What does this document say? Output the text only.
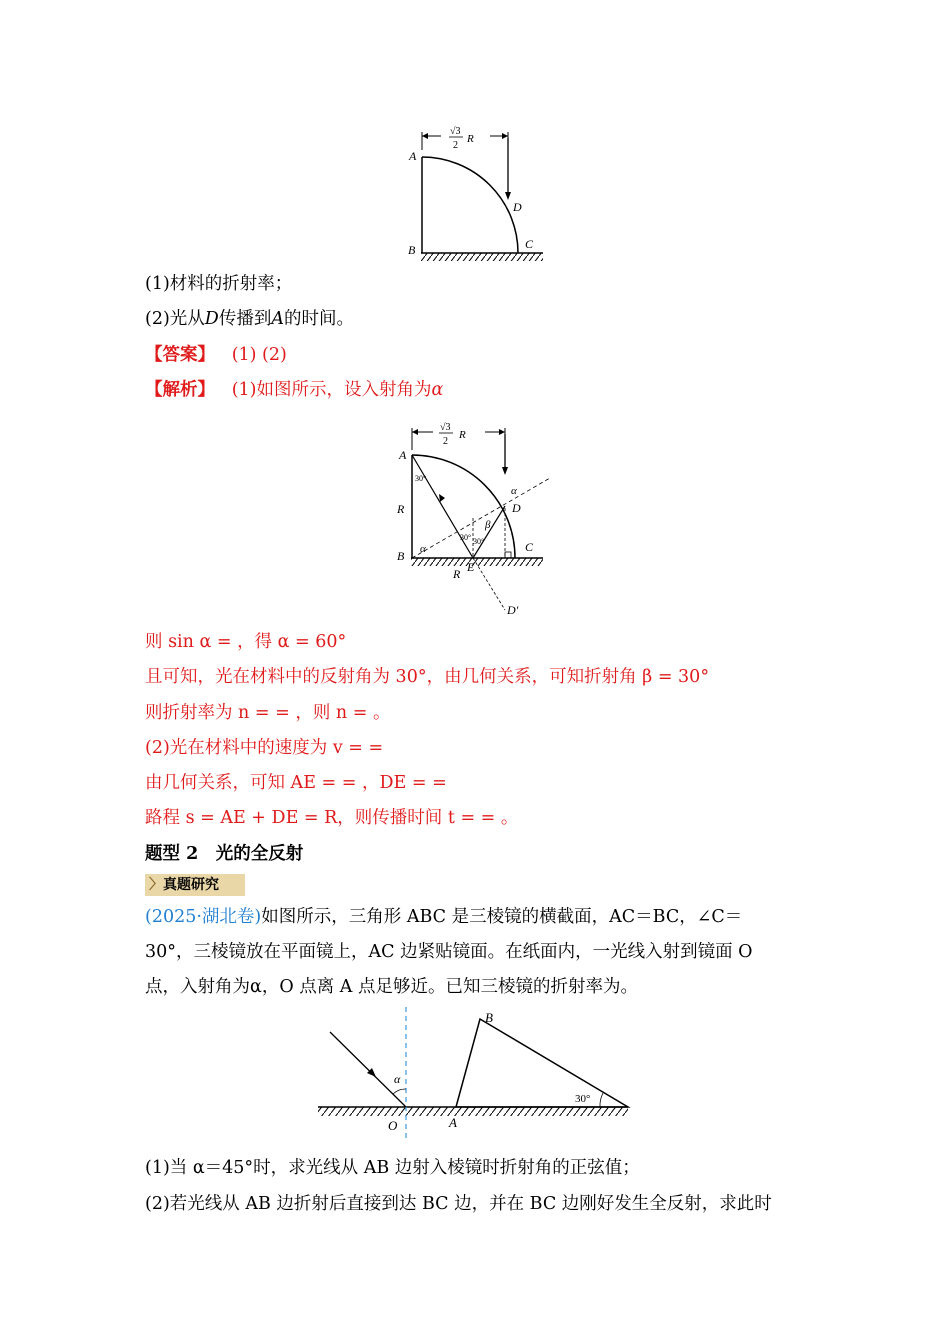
√3
2
R
A
B	C
D
(1)材料的折射率；
(2)光从D传播到A的时间。
【答案】 (1) (2)
【解析】 (1)如图所示，设入射角为α
A
B
C
D
E
D′
R
R
α
α
β
30°
30° 30°
√3
2
R
则 sin α = ，得 α = 60°
且可知，光在材料中的反射角为 30°，由几何关系，可知折射角 β = 30°
则折射率为 n = = ，则 n = 。
(2)光在材料中的速度为 v = =
由几何关系，可知 AE = = ，DE = =
路程 s = AE + DE = R，则传播时间 t = = 。
题型 2　光的全反射
〉真题研究
(2025·湖北卷)如图所示，三角形 ABC 是三棱镜的横截面，AC＝BC，∠C＝
30°，三棱镜放在平面镜上，AC 边紧贴镜面。在纸面内，一光线入射到镜面 O
点，入射角为α，O 点离 A 点足够近。已知三棱镜的折射率为。
α
B
O	A
30°
(1)当 α＝45°时，求光线从 AB 边射入棱镜时折射角的正弦值；
(2)若光线从 AB 边折射后直接到达 BC 边，并在 BC 边刚好发生全反射，求此时
